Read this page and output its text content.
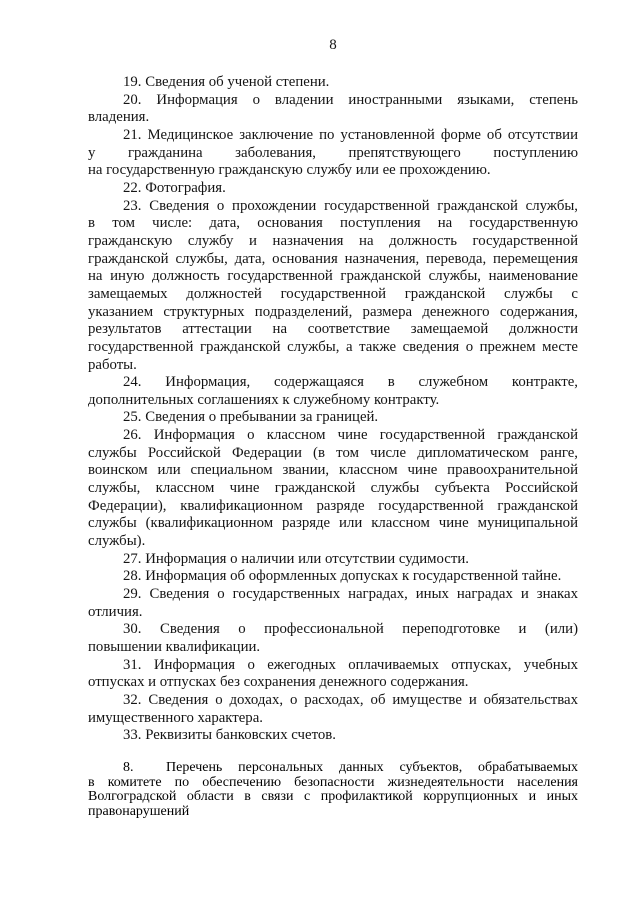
8
19. Сведения об ученой степени.
20. Информация о владении иностранными языками, степень
владения.
21. Медицинское заключение по установленной форме об отсутствии
у гражданина заболевания, препятствующего поступлению
на государственную гражданскую службу или ее прохождению.
22. Фотография.
23. Сведения о прохождении государственной гражданской службы,
в том числе: дата, основания поступления на государственную
гражданскую службу и назначения на должность государственной
гражданской службы, дата, основания назначения, перевода, перемещения
на иную должность государственной гражданской службы, наименование
замещаемых должностей государственной гражданской службы с
указанием структурных подразделений, размера денежного содержания,
результатов аттестации на соответствие замещаемой должности
государственной гражданской службы, а также сведения о прежнем месте
работы.
24. Информация, содержащаяся в служебном контракте,
дополнительных соглашениях к служебному контракту.
25. Сведения о пребывании за границей.
26. Информация о классном чине государственной гражданской
службы Российской Федерации (в том числе дипломатическом ранге,
воинском или специальном звании, классном чине правоохранительной
службы, классном чине гражданской службы субъекта Российской
Федерации), квалификационном разряде государственной гражданской
службы (квалификационном разряде или классном чине муниципальной
службы).
27. Информация о наличии или отсутствии судимости.
28. Информация об оформленных допусках к государственной тайне.
29. Сведения о государственных наградах, иных наградах и знаках
отличия.
30. Сведения о профессиональной переподготовке и (или)
повышении квалификации.
31. Информация о ежегодных оплачиваемых отпусках, учебных
отпусках и отпусках без сохранения денежного содержания.
32. Сведения о доходах, о расходах, об имуществе и обязательствах
имущественного характера.
33. Реквизиты банковских счетов.
8. Перечень персональных данных субъектов, обрабатываемых
в комитете по обеспечению безопасности жизнедеятельности населения
Волгоградской области в связи с профилактикой коррупционных и иных
правонарушений
